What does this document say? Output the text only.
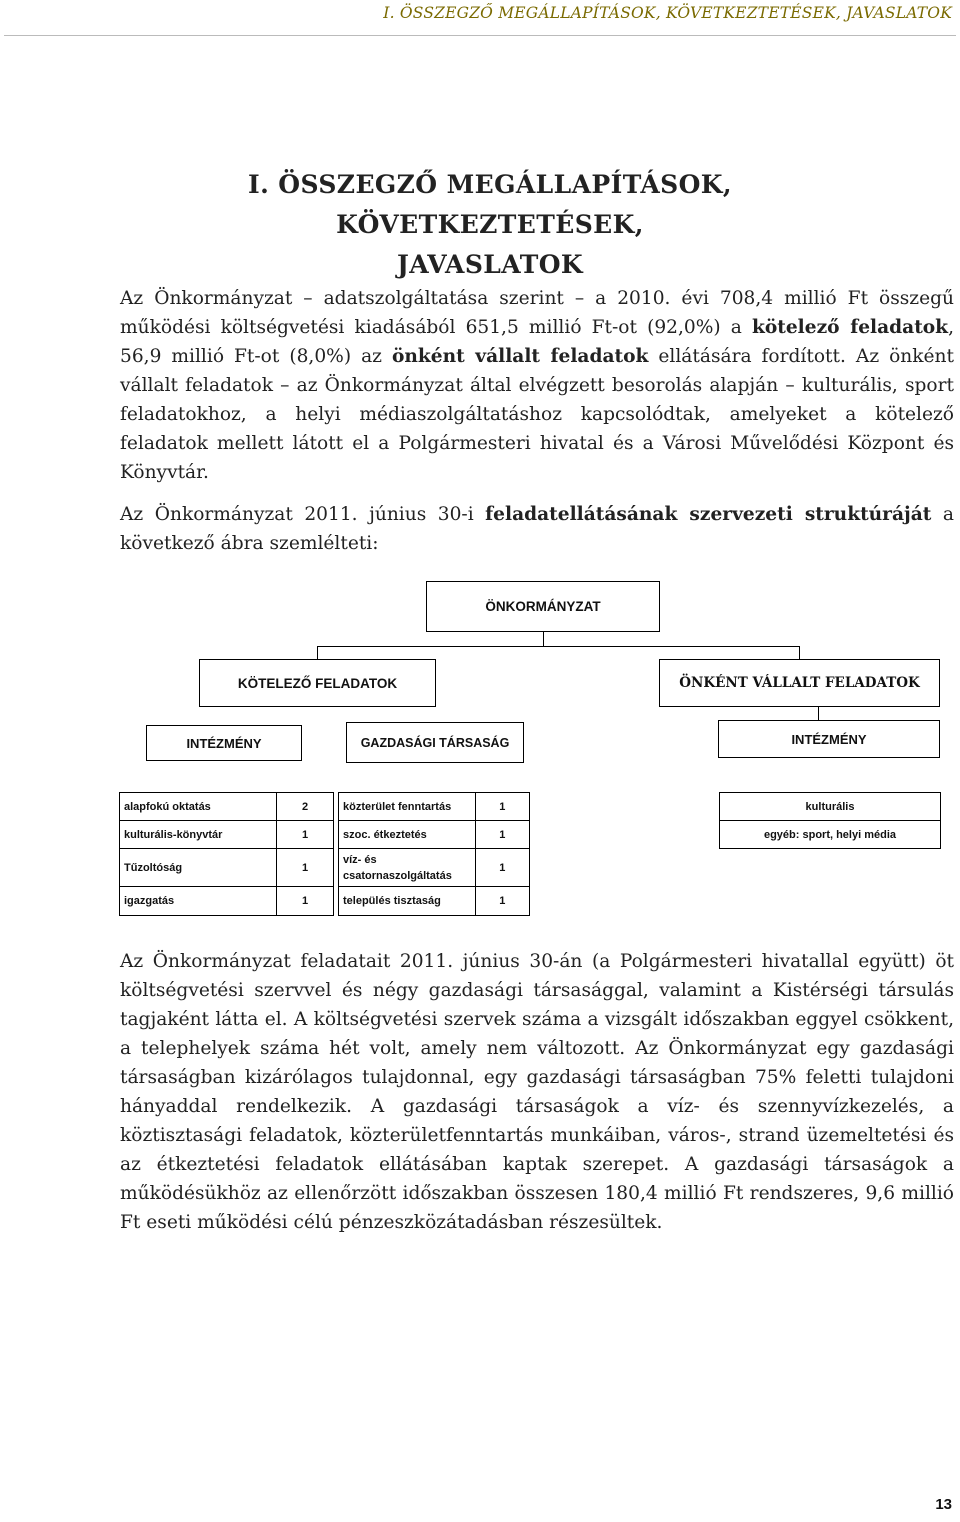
I. ÖSSZEGZŐ MEGÁLLAPÍTÁSOK, KÖVETKEZTETÉSEK, JAVASLATOK
I. ÖSSZEGZŐ MEGÁLLAPÍTÁSOK, KÖVETKEZTETÉSEK,
JAVASLATOK
Az Önkormányzat – adatszolgáltatása szerint – a 2010. évi 708,4 millió Ft összegű működési költségvetési kiadásából 651,5 millió Ft-ot (92,0%) a kötelező feladatok, 56,9 millió Ft-ot (8,0%) az önként vállalt feladatok ellátására fordított. Az önként vállalt feladatok – az Önkormányzat által elvégzett besorolás alapján – kulturális, sport feladatokhoz, a helyi médiaszolgáltatáshoz kapcsolódtak, amelyeket a kötelező feladatok mellett látott el a Polgármesteri hivatal és a Városi Művelődési Központ és Könyvtár.
Az Önkormányzat 2011. június 30-i feladatellátásának szervezeti struktúráját a következő ábra szemlélteti:
ÖNKORMÁNYZAT
KÖTELEZŐ FELADATOK	ÖNKÉNT VÁLLALT FELADATOK
INTÉZMÉNY	GAZDASÁGI TÁRSASÁG	INTÉZMÉNY
alapfokú oktatás	2
kulturális-könyvtár	1
Tűzoltóság	1
igazgatás	1
közterület fenntartás	1
szoc. étkeztetés	1
víz- és csatornaszolgáltatás	1
település tisztaság	1
kulturális
egyéb: sport, helyi média
Az Önkormányzat feladatait 2011. június 30-án (a Polgármesteri hivatallal együtt) öt költségvetési szervvel és négy gazdasági társasággal, valamint a Kistérségi társulás tagjaként látta el. A költségvetési szervek száma a vizsgált időszakban eggyel csökkent, a telephelyek száma hét volt, amely nem változott. Az Önkormányzat egy gazdasági társaságban kizárólagos tulajdonnal, egy gazdasági társaságban 75% feletti tulajdoni hányaddal rendelkezik. A gazdasági társaságok a víz- és szennyvízkezelés, a köztisztasági feladatok, közterületfenntartás munkáiban, város-, strand üzemeltetési és az étkeztetési feladatok ellátásában kaptak szerepet. A gazdasági társaságok a működésükhöz az ellenőrzött időszakban összesen 180,4 millió Ft rendszeres, 9,6 millió Ft eseti működési célú pénzeszközátadásban részesültek.
13
